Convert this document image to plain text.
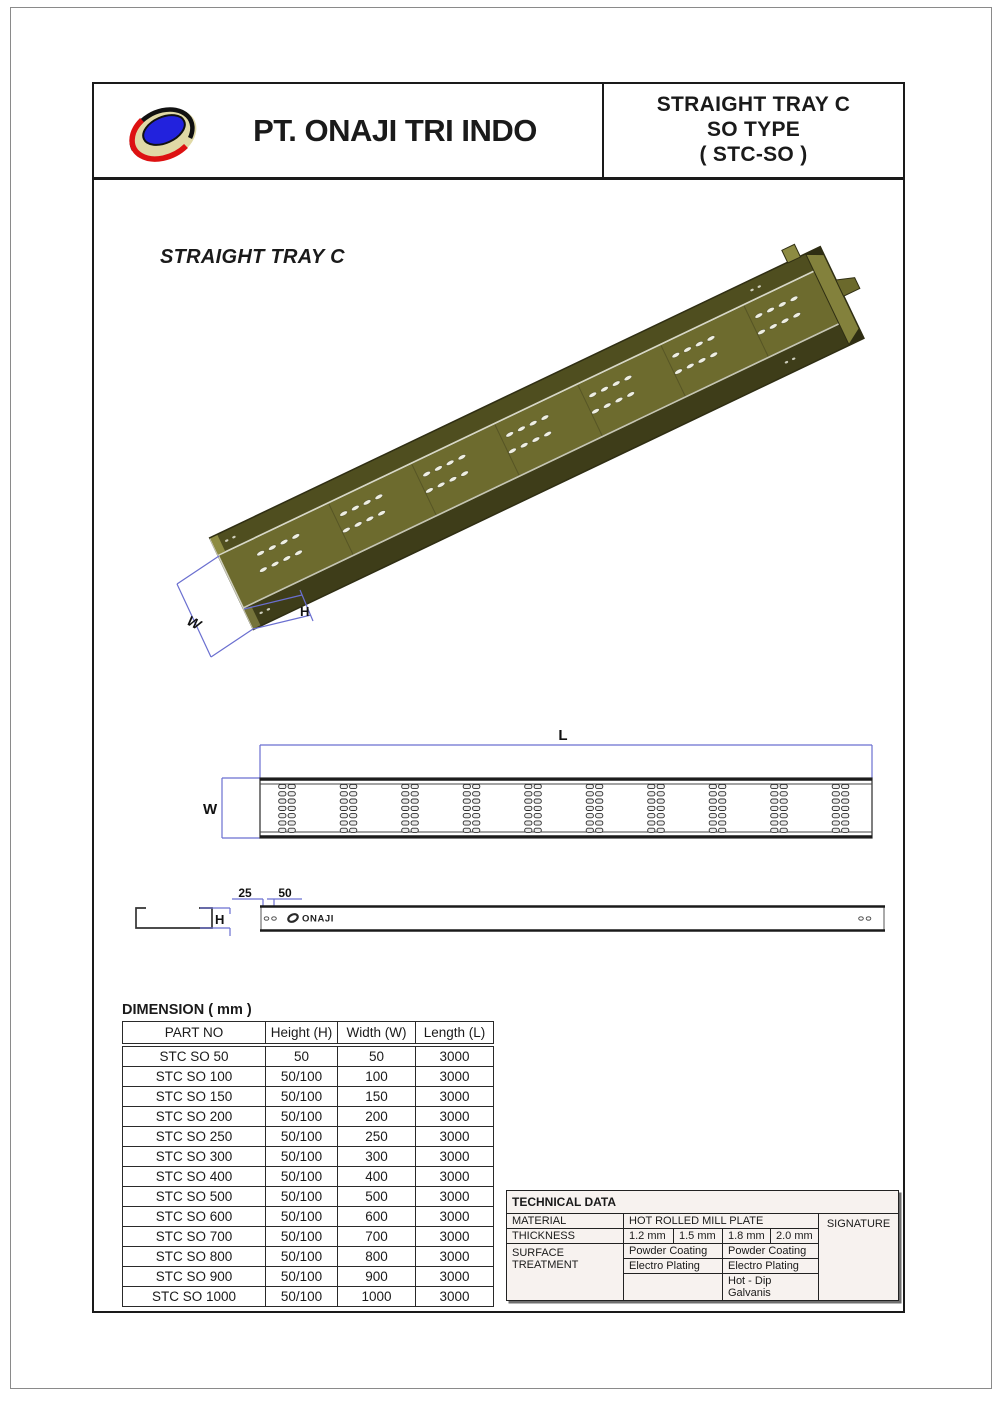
PT. ONAJI TRI INDO
STRAIGHT TRAY C
SO TYPE
( STC-SO )
STRAIGHT TRAY C
W
H
L
W
H
25 50
ONAJI
DIMENSION ( mm )
PART NO	Height (H)	Width (W)	Length (L)
STC SO 50	50	50	3000
STC SO 100	50/100	100	3000
STC SO 150	50/100	150	3000
STC SO 200	50/100	200	3000
STC SO 250	50/100	250	3000
STC SO 300	50/100	300	3000
STC SO 400	50/100	400	3000
STC SO 500	50/100	500	3000
STC SO 600	50/100	600	3000
STC SO 700	50/100	700	3000
STC SO 800	50/100	800	3000
STC SO 900	50/100	900	3000
STC SO 1000	50/100	1000	3000
TECHNICAL DATA					
MATERIAL	HOT ROLLED MILL PLATE				SIGNATURE
THICKNESS	1.2 mm	1.5 mm	1.8 mm	2.0 mm	
SURFACE TREATMENT	Powder Coating		Powder Coating		
	Electro Plating		Electro Plating		
			Hot - Dip Galvanis		
